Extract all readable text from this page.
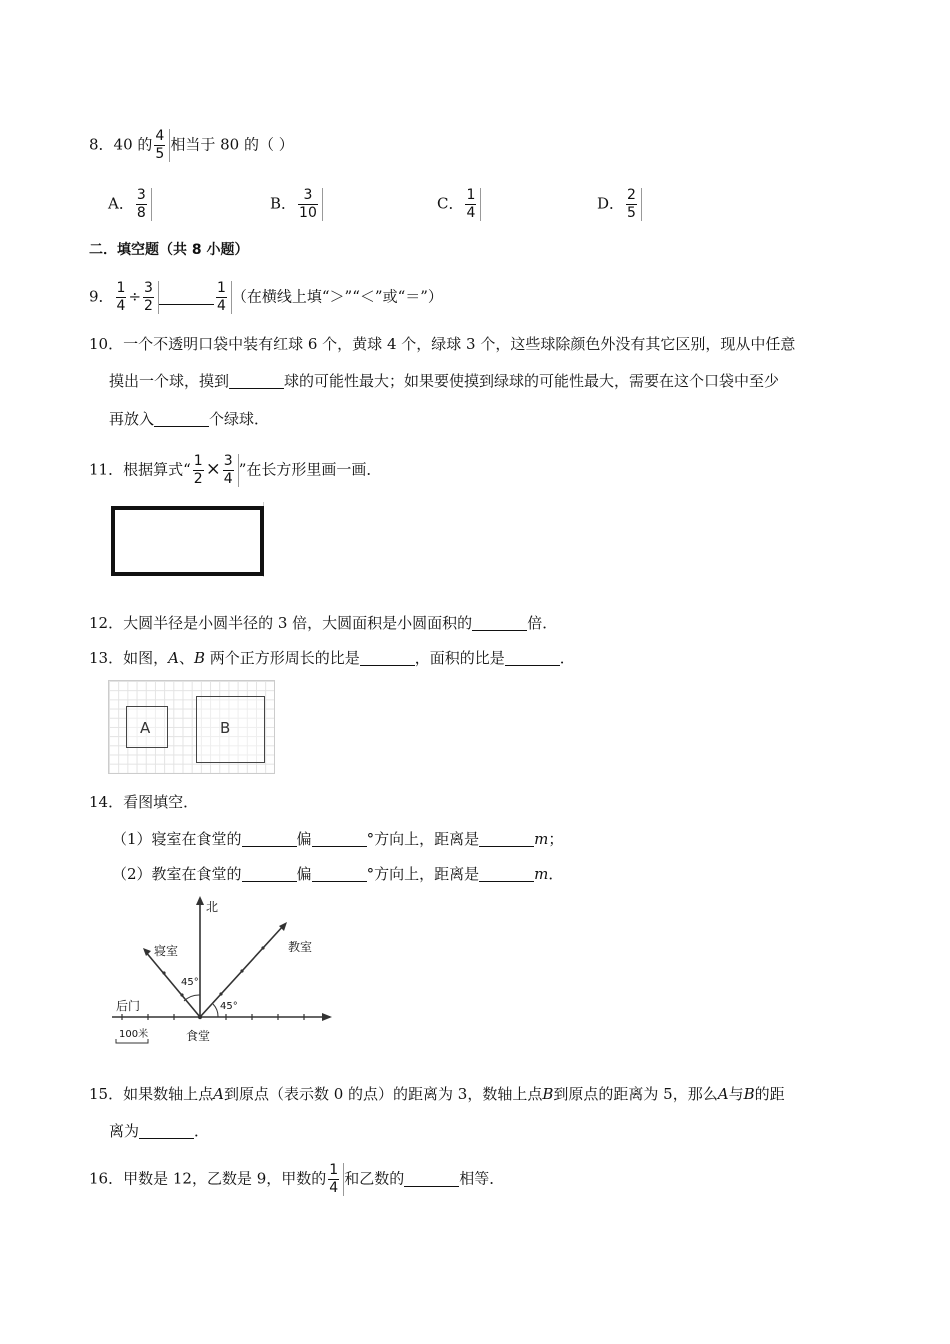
8．40 的 $\frac{4}{5}$ 相当于 80 的（ ）
A． $\frac{3}{8}$	B． $\frac{3}{10}$	C． $\frac{1}{4}$	D． $\frac{2}{5}$
二．填空题（共 8 小题）
9． $\frac{1}{4} \div \frac{3}{2}$	$\frac{1}{4}$ （在横线上填“＞”“＜”或“＝”）
10．一个不透明口袋中装有红球 6 个，黄球 4 个，绿球 3 个，这些球除颜色外没有其它区别，现从中任意
摸出一个球，摸到	球的可能性最大；如果要使摸到绿球的可能性最大，需要在这个口袋中至少
再放入	个绿球．
11．根据算式“ $\frac{1}{2} \times \frac{3}{4}$ ”在长方形里画一画．
12．大圆半径是小圆半径的 3 倍，大圆面积是小圆面积的	倍．
13．如图，A、B 两个正方形周长的比是	，面积的比是	．
A	B
14．看图填空．
（1）寝室在食堂的	偏	°方向上，距离是	m；
（2）教室在食堂的	偏	°方向上，距离是	m．
北
寝室	教室
45°
45°
后门
100米	食堂
15．如果数轴上点A到原点（表示数 0 的点）的距离为 3，数轴上点B到原点的距离为 5，那么A与B的距
离为	．
16．甲数是 12，乙数是 9，甲数的 $\frac{1}{4}$ 和乙数的	相等．
